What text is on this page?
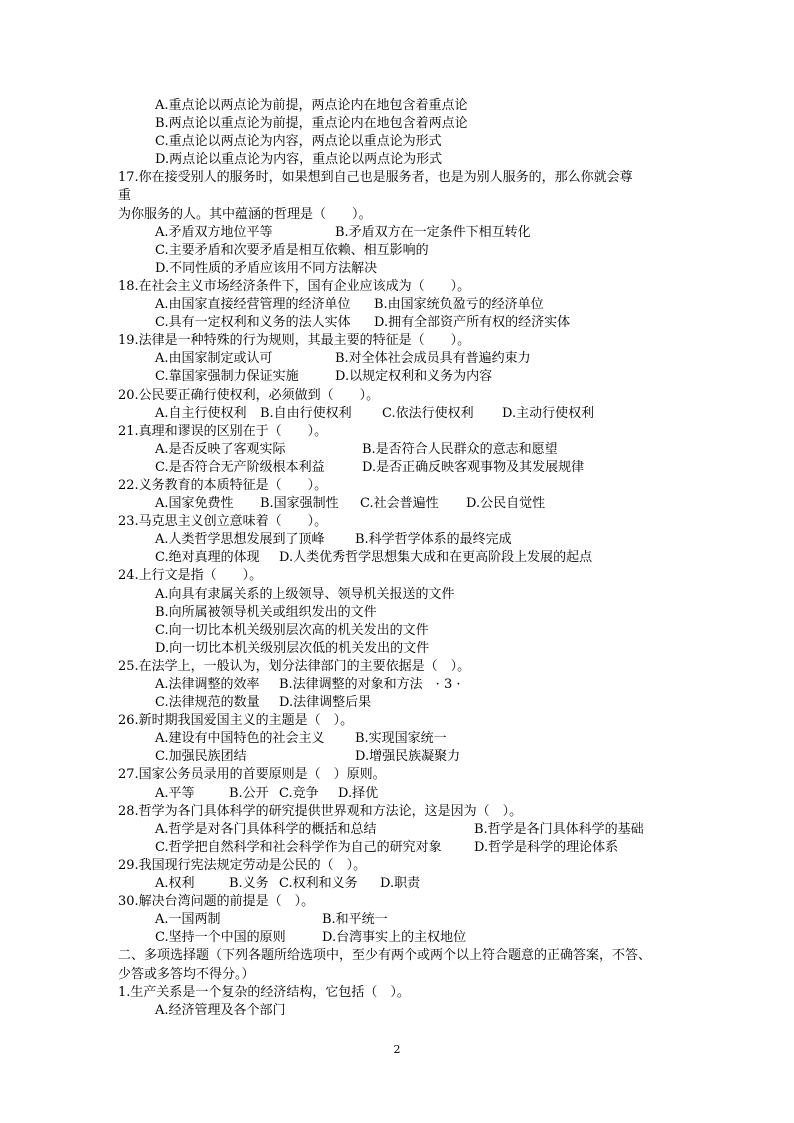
A.重点论以两点论为前提，两点论内在地包含着重点论
B.两点论以重点论为前提，重点论内在地包含着两点论
C.重点论以两点论为内容，两点论以重点论为形式
D.两点论以重点论为内容，重点论以两点论为形式
17.你在接受别人的服务时，如果想到自己也是服务者，也是为别人服务的，那么你就会尊
重
为你服务的人。其中蕴涵的哲理是（　　）。
A.矛盾双方地位平等	B.矛盾双方在一定条件下相互转化
C.主要矛盾和次要矛盾是相互依赖、相互影响的
D.不同性质的矛盾应该用不同方法解决
18.在社会主义市场经济条件下，国有企业应该成为（　　）。
A.由国家直接经营管理的经济单位 B.由国家统负盈亏的经济单位
C.具有一定权利和义务的法人实体 D.拥有全部资产所有权的经济实体
19.法律是一种特殊的行为规则，其最主要的特征是（　　）。
A.由国家制定或认可	B.对全体社会成员具有普遍约束力
C.靠国家强制力保证实施	D.以规定权利和义务为内容
20.公民要正确行使权利，必须做到（　　）。
A.自主行使权利 B.自由行使权利 C.依法行使权利 D.主动行使权利
21.真理和谬误的区别在于（　　）。
A.是否反映了客观实际	B.是否符合人民群众的意志和愿望
C.是否符合无产阶级根本利益	D.是否正确反映客观事物及其发展规律
22.义务教育的本质特征是（　　）。
A.国家免费性 B.国家强制性 C.社会普遍性 D.公民自觉性
23.马克思主义创立意味着（　　）。
A.人类哲学思想发展到了顶峰 B.科学哲学体系的最终完成
C.绝对真理的体现 D.人类优秀哲学思想集大成和在更高阶段上发展的起点
24.上行文是指（　　）。
A.向具有隶属关系的上级领导、领导机关报送的文件
B.向所属被领导机关或组织发出的文件
C.向一切比本机关级别层次高的机关发出的文件
D.向一切比本机关级别层次低的机关发出的文件
25.在法学上，一般认为，划分法律部门的主要依据是（　）。
A.法律调整的效率 B.法律调整的对象和方法　· 3 ·
C.法律规范的数量 D.法律调整后果
26.新时期我国爱国主义的主题是（　）。
A.建设有中国特色的社会主义 B.实现国家统一
C.加强民族团结	D.增强民族凝聚力
27.国家公务员录用的首要原则是（　）原则。
A.平等	B.公开 C.竞争 D.择优
28.哲学为各门具体科学的研究提供世界观和方法论，这是因为（　）。
A.哲学是对各门具体科学的概括和总结	B.哲学是各门具体科学的基础
C.哲学把自然科学和社会科学作为自己的研究对象 D.哲学是科学的理论体系
29.我国现行宪法规定劳动是公民的（　）。
A.权利	B.义务 C.权利和义务 D.职责
30.解决台湾问题的前提是（　）。
A.一国两制	B.和平统一
C.坚持一个中国的原则	D.台湾事实上的主权地位
二、多项选择题（下列各题所给选项中，至少有两个或两个以上符合题意的正确答案，不答、
少答或多答均不得分。）
1.生产关系是一个复杂的经济结构，它包括（　）。
A.经济管理及各个部门
2
